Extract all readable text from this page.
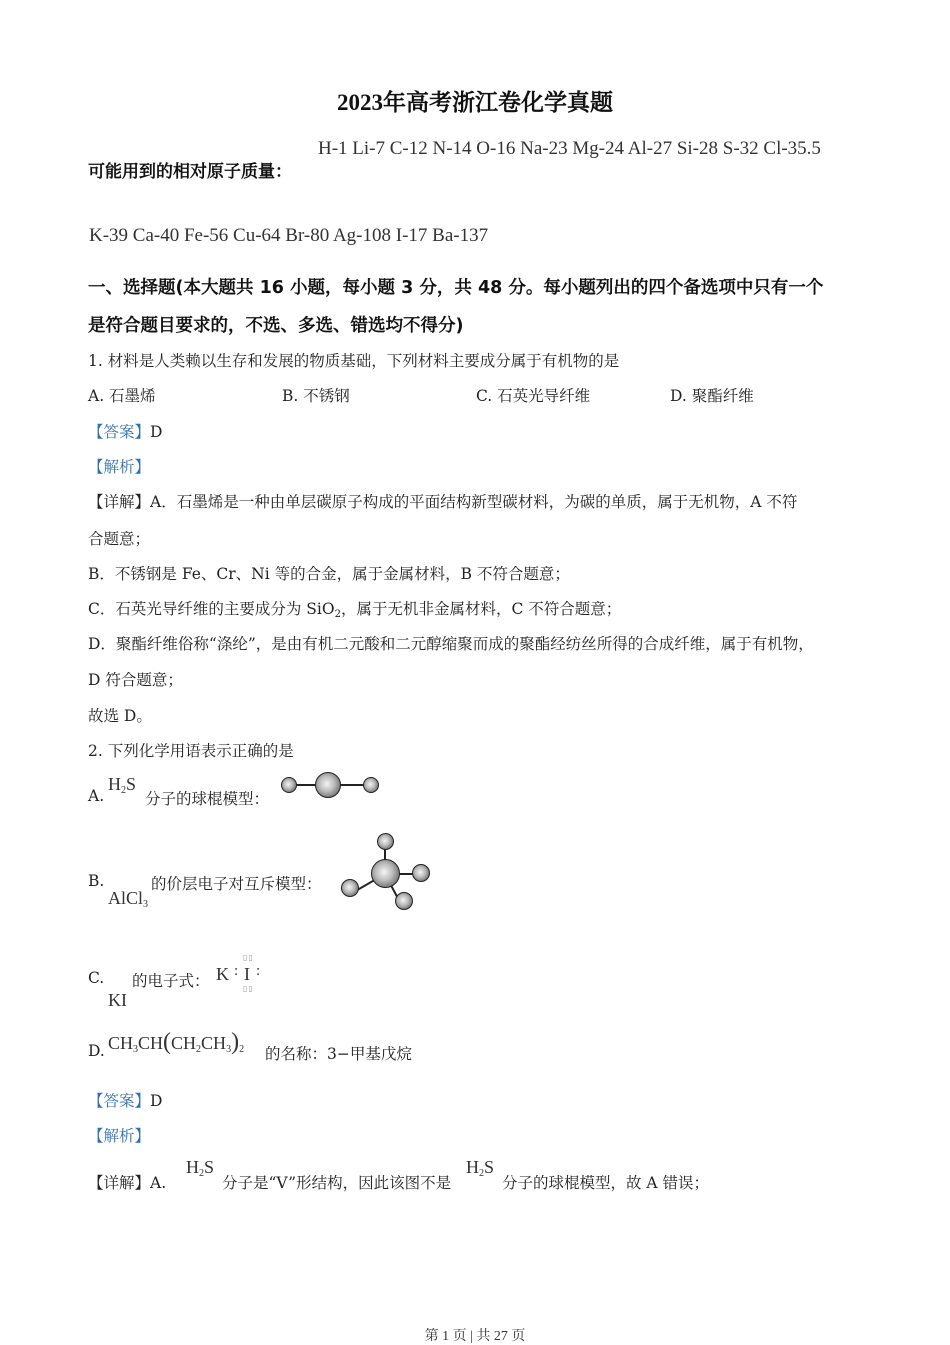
2023年高考浙江卷化学真题
可能用到的相对原子质量：
H-1 Li-7 C-12 N-14 O-16 Na-23 Mg-24 Al-27 Si-28 S-32 Cl-35.5
K-39 Ca-40 Fe-56 Cu-64 Br-80 Ag-108 I-17 Ba-137
一、选择题(本大题共 16 小题，每小题 3 分，共 48 分。每小题列出的四个备选项中只有一个
是符合题目要求的，不选、多选、错选均不得分)
1. 材料是人类赖以生存和发展的物质基础，下列材料主要成分属于有机物的是
A. 石墨烯	B. 不锈钢	C. 石英光导纤维	D. 聚酯纤维
【答案】D
【解析】
【详解】A．石墨烯是一种由单层碳原子构成的平面结构新型碳材料，为碳的单质，属于无机物，A 不符
合题意；
B．不锈钢是 Fe、Cr、Ni 等的合金，属于金属材料，B 不符合题意；
C．石英光导纤维的主要成分为 SiO$_2$，属于无机非金属材料，C 不符合题意；
D．聚酯纤维俗称“涤纶”，是由有机二元酸和二元醇缩聚而成的聚酯经纺丝所得的合成纤维，属于有机物，
D 符合题意；
故选 D。
2. 下列化学用语表示正确的是
A.
$H_2S$
分子的球棍模型：
B.
AlCl$_3$
的价层电子对互斥模型：
C.
KI
的电子式： K : I :
▯▯
▯▯
D. $CH_3CH(CH_2CH_3)_2$ 的名称：3−甲基戊烷
【答案】D
【解析】
【详解】A.
$H_2S$
分子是“V”形结构，因此该图不是
$H_2S$
分子的球棍模型，故 A 错误；
第 1 页 | 共 27 页
